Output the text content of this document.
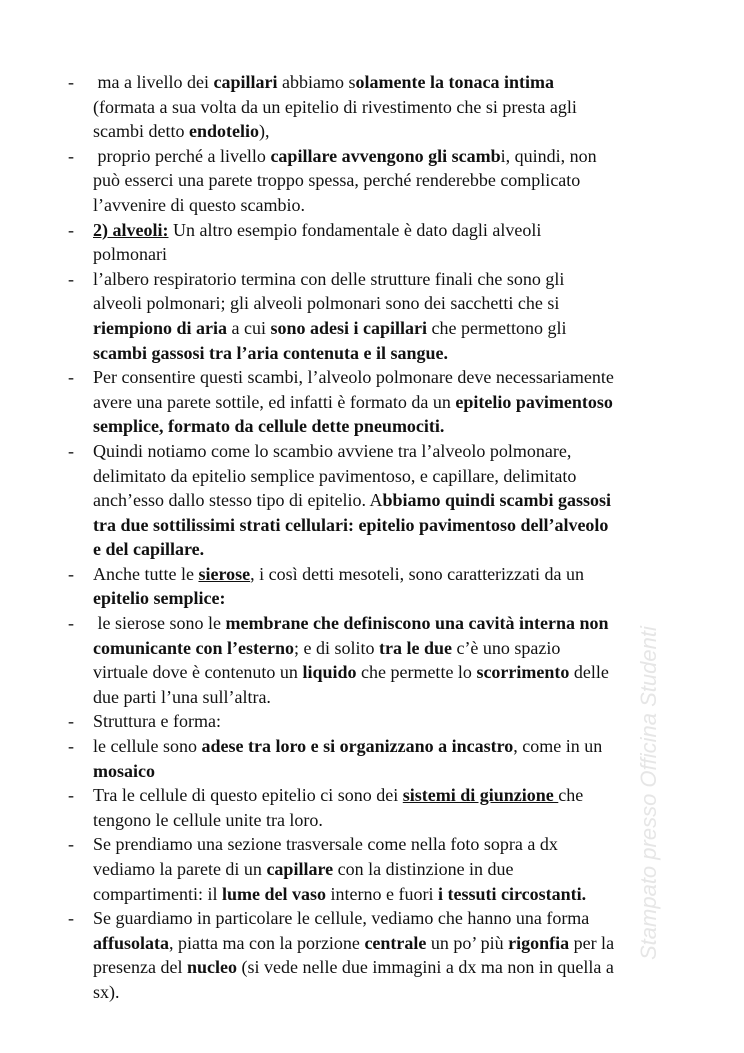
Stampato presso Officina Studenti
- ma a livello dei capillari abbiamo solamente la tonaca intima
(formata a sua volta da un epitelio di rivestimento che si presta agli
scambi detto endotelio),
- proprio perché a livello capillare avvengono gli scambi, quindi, non
può esserci una parete troppo spessa, perché renderebbe complicato
l’avvenire di questo scambio.
- 2) alveoli: Un altro esempio fondamentale è dato dagli alveoli
polmonari
- l’albero respiratorio termina con delle strutture finali che sono gli
alveoli polmonari; gli alveoli polmonari sono dei sacchetti che si
riempiono di aria a cui sono adesi i capillari che permettono gli
scambi gassosi tra l’aria contenuta e il sangue.
- Per consentire questi scambi, l’alveolo polmonare deve necessariamente
avere una parete sottile, ed infatti è formato da un epitelio pavimentoso
semplice, formato da cellule dette pneumociti.
- Quindi notiamo come lo scambio avviene tra l’alveolo polmonare,
delimitato da epitelio semplice pavimentoso, e capillare, delimitato
anch’esso dallo stesso tipo di epitelio. Abbiamo quindi scambi gassosi
tra due sottilissimi strati cellulari: epitelio pavimentoso dell’alveolo
e del capillare.
- Anche tutte le sierose, i così detti mesoteli, sono caratterizzati da un
epitelio semplice:
- le sierose sono le membrane che definiscono una cavità interna non
comunicante con l’esterno; e di solito tra le due c’è uno spazio
virtuale dove è contenuto un liquido che permette lo scorrimento delle
due parti l’una sull’altra.
- Struttura e forma:
- le cellule sono adese tra loro e si organizzano a incastro, come in un
mosaico
- Tra le cellule di questo epitelio ci sono dei sistemi di giunzione che
tengono le cellule unite tra loro.
- Se prendiamo una sezione trasversale come nella foto sopra a dx
vediamo la parete di un capillare con la distinzione in due
compartimenti: il lume del vaso interno e fuori i tessuti circostanti.
- Se guardiamo in particolare le cellule, vediamo che hanno una forma
affusolata, piatta ma con la porzione centrale un po’ più rigonfia per la
presenza del nucleo (si vede nelle due immagini a dx ma non in quella a
sx).
